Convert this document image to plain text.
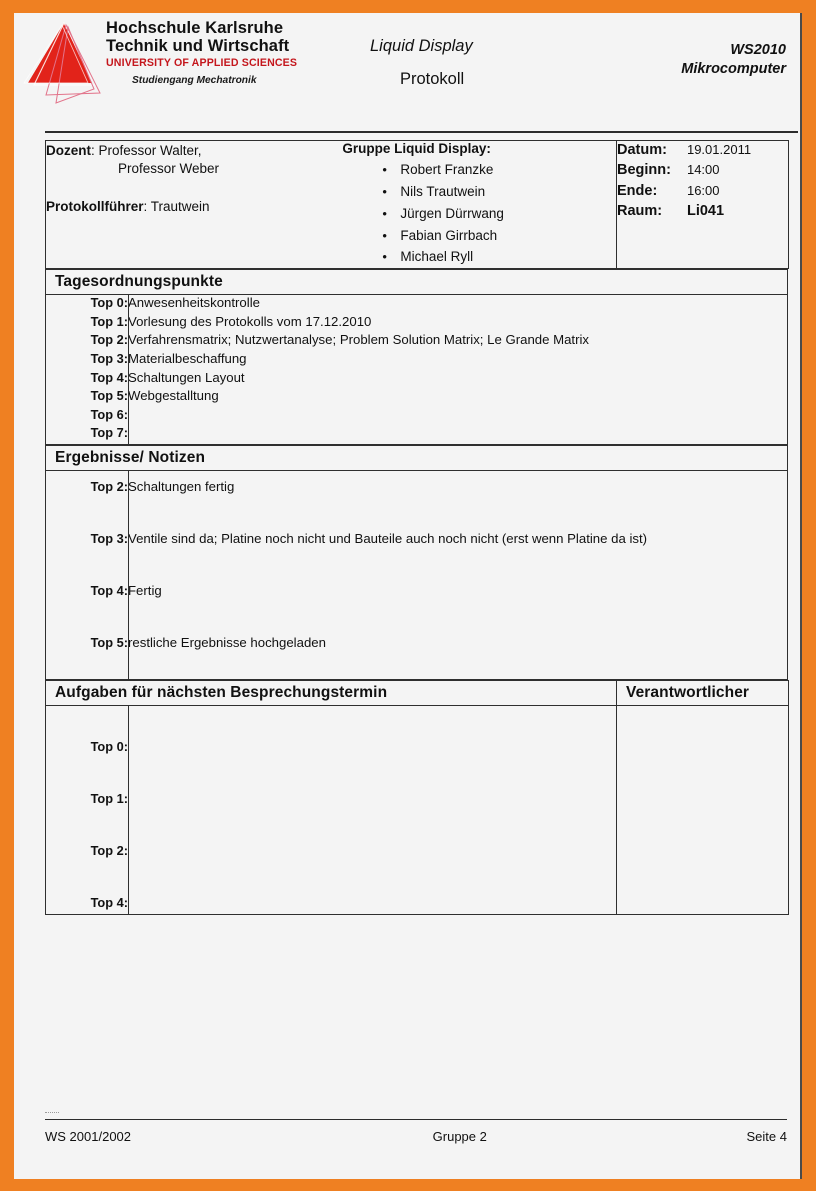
Hochschule Karlsruhe
Technik und Wirtschaft
UNIVERSITY OF APPLIED SCIENCES
Studiengang Mechatronik
Liquid Display
Protokoll
WS2010
Mikrocomputer
Dozent: Professor Walter,
Professor Weber
Protokollführer: Trautwein

Gruppe Liquid Display:
• Robert Franzke
• Nils Trautwein
• Jürgen Dürrwang
• Fabian Girrbach
• Michael Ryll

Datum:	19.01.2011
Beginn:	14:00
Ende:	16:00
Raum:	Li041
Tagesordnungspunkte

Top 0:	Anwesenheitskontrolle
Top 1:	Vorlesung des Protokolls vom 17.12.2010
Top 2:	Verfahrensmatrix; Nutzwertanalyse; Problem Solution Matrix; Le Grande Matrix
Top 3:	Materialbeschaffung
Top 4:	Schaltungen Layout
Top 5:	Webgestalltung
Top 6:	
Top 7:	
Ergebnisse/ Notizen

Top 2:	Schaltungen fertig
Top 3:	Ventile sind da; Platine noch nicht und Bauteile auch noch nicht (erst wenn Platine da ist)
Top 4:	Fertig
Top 5:	restliche Ergebnisse hochgeladen
Aufgaben für nächsten Besprechungstermin	Verantwortlicher

Top 0:	
Top 1:	
Top 2:	
Top 4:	

WS 2001/2002	Gruppe 2	Seite 4
